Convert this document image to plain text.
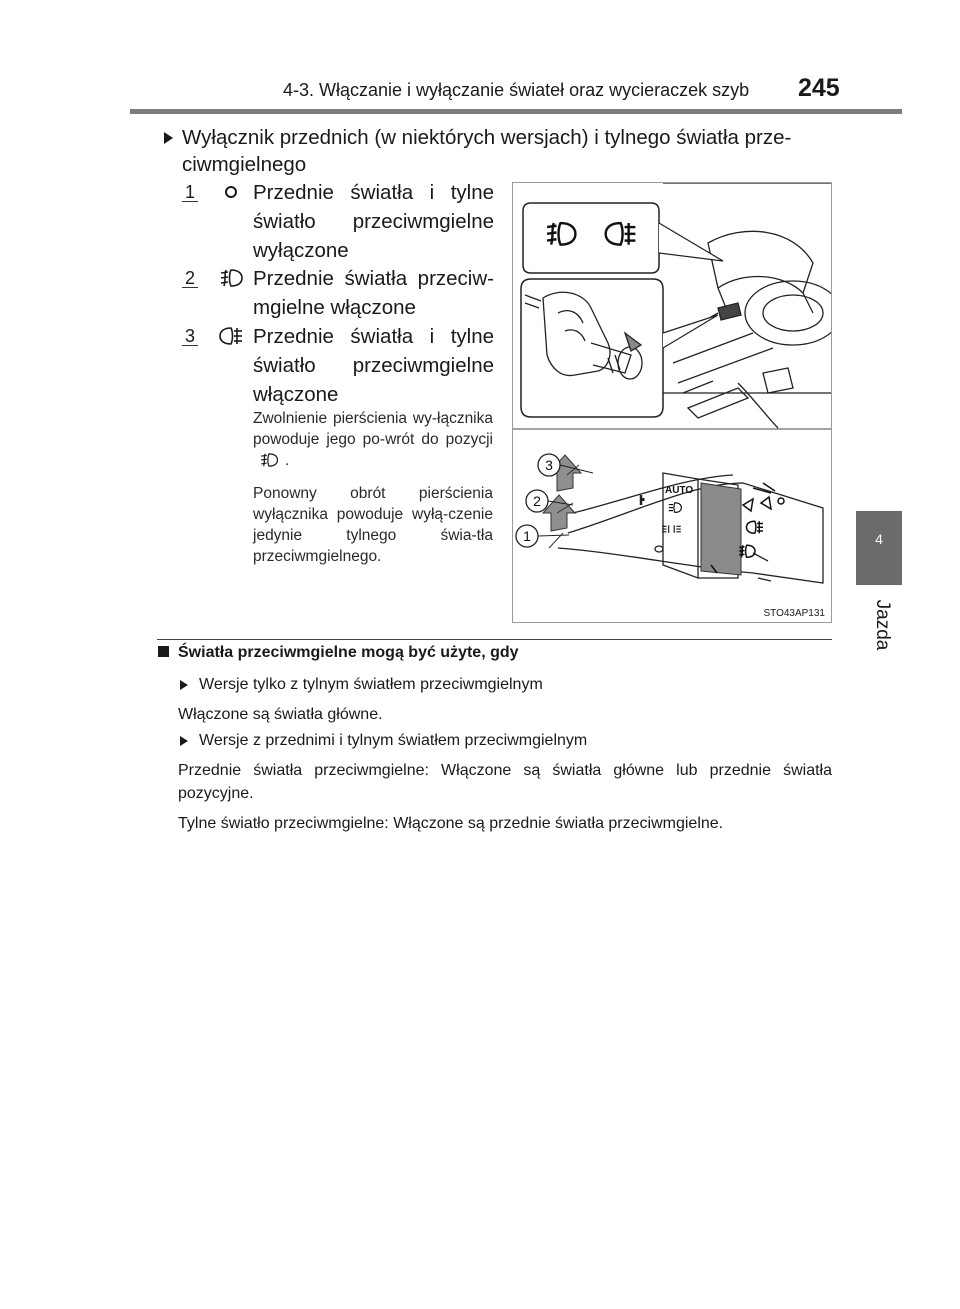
4-3. Włączanie i wyłączanie świateł oraz wycieraczek szyb 245
4
Jazda
Wyłącznik przednich (w niektórych wersjach) i tylnego światła prze-ciwmgielnego
1	Przednie światła i tylne światło przeciwmgielne wyłączone
2	Przednie światła przeciw-mgielne włączone
3	Przednie światła i tylne światło przeciwmgielne włączone
Zwolnienie pierścienia wy-łącznika powoduje jego po-wrót do pozycji.
Ponowny obrót pierścienia wyłącznika powoduje wyłą-czenie jedynie tylnego świa-tła przeciwmgielnego.
AUTO
3
2
1
STO43AP131
Światła przeciwmgielne mogą być użyte, gdy
Wersje tylko z tylnym światłem przeciwmgielnym
Włączone są światła główne.
Wersje z przednimi i tylnym światłem przeciwmgielnym
Przednie światła przeciwmgielne: Włączone są światła główne lub przednie światła pozycyjne.
Tylne światło przeciwmgielne: Włączone są przednie światła przeciwmgielne.
